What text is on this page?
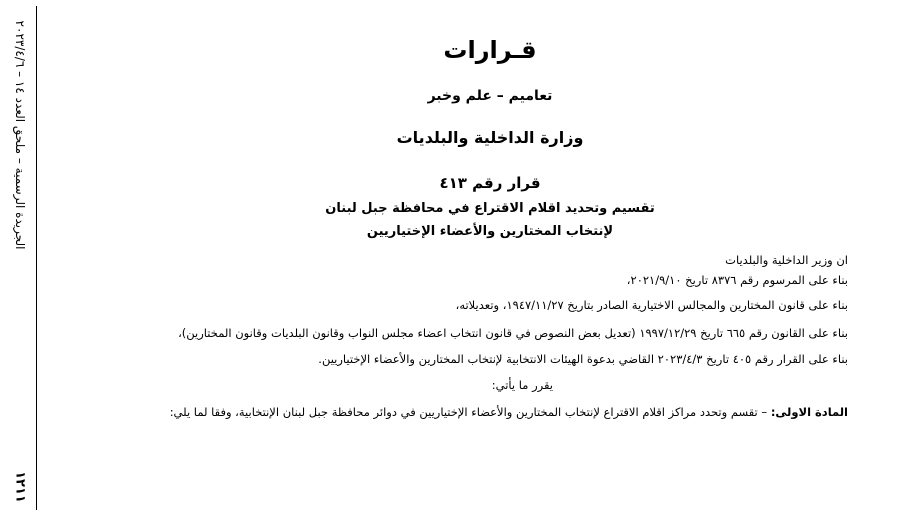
الجريدة الرسمية – ملحق العدد ١٤ – ٢٠٢٣/٤/٦
١٢١١
قـرارات
تعاميم – علم وخبر
وزارة الداخلية والبلديات
قرار رقم ٤١٣
تقسيم وتحديد اقلام الاقتراع في محافظة جبل لبنان
لإنتخاب المختارين والأعضاء الإختياريين
ان وزير الداخلية والبلديات
بناء على المرسوم رقم ٨٣٧٦ تاريخ ٢٠٢١/٩/١٠،
بناء على قانون المختارين والمجالس الاختيارية الصادر بتاريخ ١٩٤٧/١١/٢٧، وتعديلاته،
بناء على القانون رقم ٦٦٥ تاريخ ١٩٩٧/١٢/٢٩ (تعديل بعض النصوص في قانون انتخاب اعضاء مجلس النواب وقانون البلديات وقانون المختارين)،
بناء على القرار رقم ٤٠٥ تاريخ ٢٠٢٣/٤/٣ القاضي بدعوة الهيئات الانتخابية لإنتخاب المختارين والأعضاء الإختياريين.
يقرر ما يأتي:
المادة الاولى: – تقسم وتحدد مراكز اقلام الاقتراع لإنتخاب المختارين والأعضاء الإختياريين في دوائر محافظة جبل لبنان الإنتخابية، وفقا لما يلي:
